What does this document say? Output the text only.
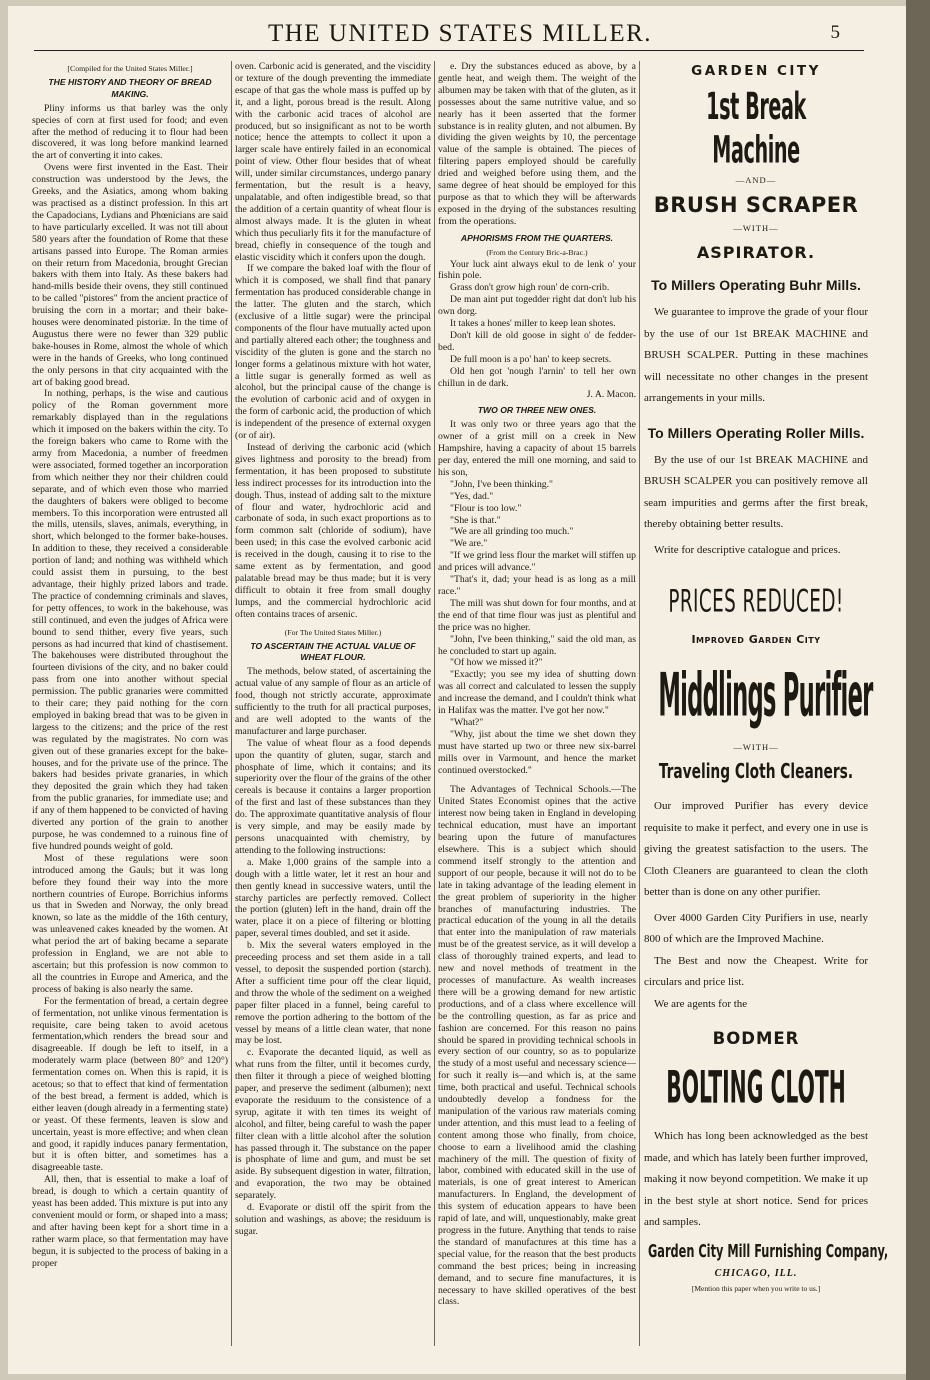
THE UNITED STATES MILLER.	5

[Compiled for the United States Miller.]

THE HISTORY AND THEORY OF BREAD MAKING.

Pliny informs us that barley was the only species of corn at first used for food; and even after the method of reducing it to flour had been discovered, it was long before mankind learned the art of converting it into cakes.

Ovens were first invented in the East. Their construction was understood by the Jews, the Greeks, and the Asiatics, among whom baking was practised as a distinct profession. In this art the Capadocians, Lydians and Phœnicians are said to have particularly excelled. It was not till about 580 years after the foundation of Rome that these artisans passed into Europe. The Roman armies on their return from Macedonia, brought Grecian bakers with them into Italy. As these bakers had hand-mills beside their ovens, they still continued to be called "pistores" from the ancient practice of bruising the corn in a mortar; and their bake-houses were denominated pistoriæ. In the time of Augustus there were no fewer than 329 public bake-houses in Rome, almost the whole of which were in the hands of Greeks, who long continued the only persons in that city acquainted with the art of baking good bread.

In nothing, perhaps, is the wise and cautious policy of the Roman government more remarkably displayed than in the regulations which it imposed on the bakers within the city. To the foreign bakers who came to Rome with the army from Macedonia, a number of freedmen were associated, formed together an incorporation from which neither they nor their children could separate, and of which even those who married the daughters of bakers were obliged to become members. To this incorporation were entrusted all the mills, utensils, slaves, animals, everything, in short, which belonged to the former bake-houses. In addition to these, they received a considerable portion of land; and nothing was withheld which could assist them in pursuing, to the best advantage, their highly prized labors and trade. The practice of condemning criminals and slaves, for petty offences, to work in the bakehouse, was still continued, and even the judges of Africa were bound to send thither, every five years, such persons as had incurred that kind of chastisement. The bakehouses were distributed throughout the fourteen divisions of the city, and no baker could pass from one into another without special permission. The public granaries were committed to their care; they paid nothing for the corn employed in baking bread that was to be given in largess to the citizens; and the price of the rest was regulated by the magistrates. No corn was given out of these granaries except for the bake-houses, and for the private use of the prince. The bakers had besides private granaries, in which they deposited the grain which they had taken from the public granaries, for immediate use; and if any of them happened to be convicted of having diverted any portion of the grain to another purpose, he was condemned to a ruinous fine of five hundred pounds weight of gold.

Most of these regulations were soon introduced among the Gauls; but it was long before they found their way into the more northern countries of Europe. Borrichius informs us that in Sweden and Norway, the only bread known, so late as the middle of the 16th century, was unleavened cakes kneaded by the women. At what period the art of baking became a separate profession in England, we are not able to ascertain; but this profession is now common to all the countries in Europe and America, and the process of baking is also nearly the same.

For the fermentation of bread, a certain degree of fermentation, not unlike vinous fermentation is requisite, care being taken to avoid acetous fermentation,which renders the bread sour and disagreeable. If dough be left to itself, in a moderately warm place (between 80° and 120°) fermentation comes on. When this is rapid, it is acetous; so that to effect that kind of fermentation of the best bread, a ferment is added, which is either leaven (dough already in a fermenting state) or yeast. Of these ferments, leaven is slow and uncertain, yeast is more effective; and when clean and good, it rapidly induces panary fermentation, but it is often bitter, and sometimes has a disagreeable taste.

All, then, that is essential to make a loaf of bread, is dough to which a certain quantity of yeast has been added. This mixture is put into any convenient mould or form, or shaped into a mass; and after having been kept for a short time in a rather warm place, so that fermentation may have begun, it is subjected to the process of baking in a proper

oven. Carbonic acid is generated, and the viscidity or texture of the dough preventing the immediate escape of that gas the whole mass is puffed up by it, and a light, porous bread is the result. Along with the carbonic acid traces of alcohol are produced, but so insignificant as not to be worth notice; hence the attempts to collect it upon a larger scale have entirely failed in an economical point of view. Other flour besides that of wheat will, under similar circumstances, undergo panary fermentation, but the result is a heavy, unpalatable, and often indigestible bread, so that the addition of a certain quantity of wheat flour is almost always made. It is the gluten in wheat which thus peculiarly fits it for the manufacture of bread, chiefly in consequence of the tough and elastic viscidity which it confers upon the dough.

If we compare the baked loaf with the flour of which it is composed, we shall find that panary fermentation has produced considerable change in the latter. The gluten and the starch, which (exclusive of a little sugar) were the principal components of the flour have mutually acted upon and partially altered each other; the toughness and viscidity of the gluten is gone and the starch no longer forms a gelatinous mixture with hot water, a little sugar is generally formed as well as alcohol, but the principal cause of the change is the evolution of carbonic acid and of oxygen in the form of carbonic acid, the production of which is independent of the presence of external oxygen (or of air).

Instead of deriving the carbonic acid (which gives lightness and porosity to the bread) from fermentation, it has been proposed to substitute less indirect processes for its introduction into the dough. Thus, instead of adding salt to the mixture of flour and water, hydrochloric acid and carbonate of soda, in such exact proportions as to form common salt (chloride of sodium), have been used; in this case the evolved carbonic acid is received in the dough, causing it to rise to the same extent as by fermentation, and good palatable bread may be thus made; but it is very difficult to obtain it free from small doughy lumps, and the commercial hydrochloric acid often contains traces of arsenic.

(For The United States Miller.)

TO ASCERTAIN THE ACTUAL VALUE OF WHEAT FLOUR.

The methods, below stated, of ascertaining the actual value of any sample of flour as an article of food, though not strictly accurate, approximate sufficiently to the truth for all practical purposes, and are well adopted to the wants of the manufacturer and large purchaser.

The value of wheat flour as a food depends upon the quantity of gluten, sugar, starch and phosphate of lime, which it contains; and its superiority over the flour of the grains of the other cereals is because it contains a larger proportion of the first and last of these substances than they do. The approximate quantitative analysis of flour is very simple, and may be easily made by persons unacquainted with chemistry, by attending to the following instructions:

a. Make 1,000 grains of the sample into a dough with a little water, let it rest an hour and then gently knead in successive waters, until the starchy particles are perfectly removed. Collect the portion (gluten) left in the hand, drain off the water, place it on a piece of filtering or blotting paper, several times doubled, and set it aside.

b. Mix the several waters employed in the preceeding process and set them aside in a tall vessel, to deposit the suspended portion (starch). After a sufficient time pour off the clear liquid, and throw the whole of the sediment on a weighed paper filter placed in a funnel, being careful to remove the portion adhering to the bottom of the vessel by means of a little clean water, that none may be lost.

c. Evaporate the decanted liquid, as well as what runs from the filter, until it becomes curdy, then filter it through a piece of weighed blotting paper, and preserve the sediment (albumen); next evaporate the residuum to the consistence of a syrup, agitate it with ten times its weight of alcohol, and filter, being careful to wash the paper filter clean with a little alcohol after the solution has passed through it. The substance on the paper is phosphate of lime and gum, and must be set aside. By subsequent digestion in water, filtration, and evaporation, the two may be obtained separately.

d. Evaporate or distil off the spirit from the solution and washings, as above; the residuum is sugar.

e. Dry the substances educed as above, by a gentle heat, and weigh them. The weight of the albumen may be taken with that of the gluten, as it possesses about the same nutritive value, and so nearly has it been asserted that the former substance is in reality gluten, and not albumen. By dividing the given weights by 10, the percentage value of the sample is obtained. The pieces of filtering papers employed should be carefully dried and weighed before using them, and the same degree of heat should be employed for this purpose as that to which they will be afterwards exposed in the drying of the substances resulting from the operations.

APHORISMS FROM THE QUARTERS.

(From the Century Bric-a-Brac.)

Your luck aint always ekul to de lenk o' your fishin pole.

Grass don't grow high roun' de corn-crib.

De man aint put togedder right dat don't lub his own dorg.

It takes a hones' miller to keep lean shotes.

Don't kill de old goose in sight o' de fedder-bed.

De full moon is a po' han' to keep secrets.

Old hen got 'nough l'arnin' to tell her own chillun in de dark.

J. A. Macon.

TWO OR THREE NEW ONES.

It was only two or three years ago that the owner of a grist mill on a creek in New Hampshire, having a capacity of about 15 barrels per day, entered the mill one morning, and said to his son,

"John, I've been thinking."

"Yes, dad."

"Flour is too low."

"She is that."

"We are all grinding too much."

"We are."

"If we grind less flour the market will stiffen up and prices will advance."

"That's it, dad; your head is as long as a mill race."

The mill was shut down for four months, and at the end of that time flour was just as plentiful and the price was no higher.

"John, I've been thinking," said the old man, as he concluded to start up again.

"Of how we missed it?"

"Exactly; you see my idea of shutting down was all correct and calculated to lessen the supply and increase the demand, and I couldn't think what in Halifax was the matter. I've got her now."

"What?"

"Why, jist about the time we shet down they must have started up two or three new six-barrel mills over in Varmount, and hence the market continued overstocked."

The Advantages of Technical Schools.—The United States Economist opines that the active interest now being taken in England in developing technical education, must have an important bearing upon the future of manufactures elsewhere. This is a subject which should commend itself strongly to the attention and support of our people, because it will not do to be late in taking advantage of the leading element in the great problem of superiority in the higher branches of manufacturing industries. The practical education of the young in all the details that enter into the manipulation of raw materials must be of the greatest service, as it will develop a class of thoroughly trained experts, and lead to new and novel methods of treatment in the processes of manufacture. As wealth increases there will be a growing demand for new artistic productions, and of a class where excellence will be the controlling question, as far as price and fashion are concerned. For this reason no pains should be spared in providing technical schools in every section of our country, so as to popularize the study of a most useful and necessary science—for such it really is—and which is, at the same time, both practical and useful. Technical schools undoubtedly develop a fondness for the manipulation of the various raw materials coming under attention, and this must lead to a feeling of content among those who finally, from choice, choose to earn a livelihood amid the clashing machinery of the mill. The question of fixity of labor, combined with educated skill in the use of materials, is one of great interest to American manufacturers. In England, the development of this system of education appears to have been rapid of late, and will, unquestionably, make great progress in the future. Anything that tends to raise the standard of manufactures at this time has a special value, for the reason that the best products command the best prices; being in increasing demand, and to secure fine manufactures, it is necessary to have skilled operatives of the best class.

GARDEN CITY
1st Break Machine
—AND—
BRUSH SCRAPER
—WITH—
ASPIRATOR.
To Millers Operating Buhr Mills.

We guarantee to improve the grade of your flour by the use of our 1st BREAK MACHINE and BRUSH SCALPER. Putting in these machines will necessitate no other changes in the present arrangements in your mills.

To Millers Operating Roller Mills.

By the use of our 1st BREAK MACHINE and BRUSH SCALPER you can positively remove all seam impurities and germs after the first break, thereby obtaining better results.

Write for descriptive catalogue and prices.

PRICES REDUCED!
Improved Garden City
Middlings Purifier
—WITH—
Traveling Cloth Cleaners.

Our improved Purifier has every device requisite to make it perfect, and every one in use is giving the greatest satisfaction to the users. The Cloth Cleaners are guaranteed to clean the cloth better than is done on any other purifier.

Over 4000 Garden City Purifiers in use, nearly 800 of which are the Improved Machine.

The Best and now the Cheapest. Write for circulars and price list.

We are agents for the

BODMER
BOLTING CLOTH

Which has long been acknowledged as the best made, and which has lately been further improved, making it now beyond competition. We make it up in the best style at short notice. Send for prices and samples.

Garden City Mill Furnishing Company,
CHICAGO, ILL.
[Mention this paper when you write to us.]
